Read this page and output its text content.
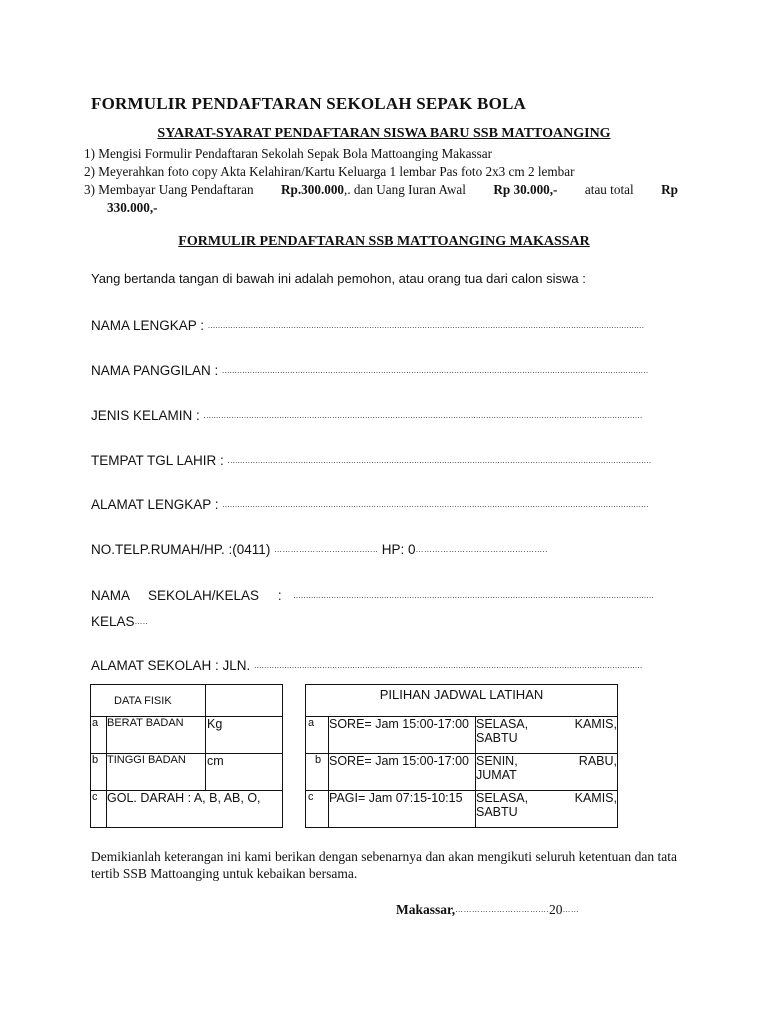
FORMULIR PENDAFTARAN SEKOLAH SEPAK BOLA
SYARAT-SYARAT PENDAFTARAN SISWA BARU SSB MATTOANGING
1) Mengisi Formulir Pendaftaran Sekolah Sepak Bola Mattoanging Makassar
2) Meyerahkan foto copy Akta Kelahiran/Kartu Keluarga 1 lembar Pas foto 2x3 cm 2 lembar
3) Membayar Uang Pendaftaran Rp.300.000,. dan Uang Iuran Awal Rp 30.000,- atau total Rp
330.000,-
FORMULIR PENDAFTARAN SSB MATTOANGING MAKASSAR
Yang bertanda tangan di bawah ini adalah pemohon, atau orang tua dari calon siswa :
NAMA LENGKAP : .............................................................................................................................................................................
NAMA PANGGILAN : .........................................................................................................................................................................
JENIS KELAMIN : ..............................................................................................................................................................................
TEMPAT TGL LAHIR : ........................................................................................................................................................................
ALAMAT LENGKAP : .........................................................................................................................................................................
NO.TELP.RUMAH/HP. :(0411) ……………………….…..….. HP: 0………………………………….……..
NAMA     SEKOLAH/KELAS     : ...............................................................................................................................................
KELAS…..
ALAMAT SEKOLAH : JLN. ..........................................................................................................................................................
DATA FISIK		
a	BERAT BADAN	Kg
b	TINGGI BADAN	cm
c	GOL. DARAH : A, B, AB, O,	
PILIHAN JADWAL LATIHAN		
a	SORE= Jam 15:00-17:00	SELASA, KAMIS,

SABTU
b	SORE= Jam 15:00-17:00	SENIN, RABU,

JUMAT
c	PAGI= Jam 07:15-10:15	SELASA, KAMIS,

SABTU
Demikianlah keterangan ini kami berikan dengan sebenarnya dan akan mengikuti seluruh ketentuan dan tata tertib SSB Mattoanging untuk kebaikan bersama.
Makassar,…………………………….20……
